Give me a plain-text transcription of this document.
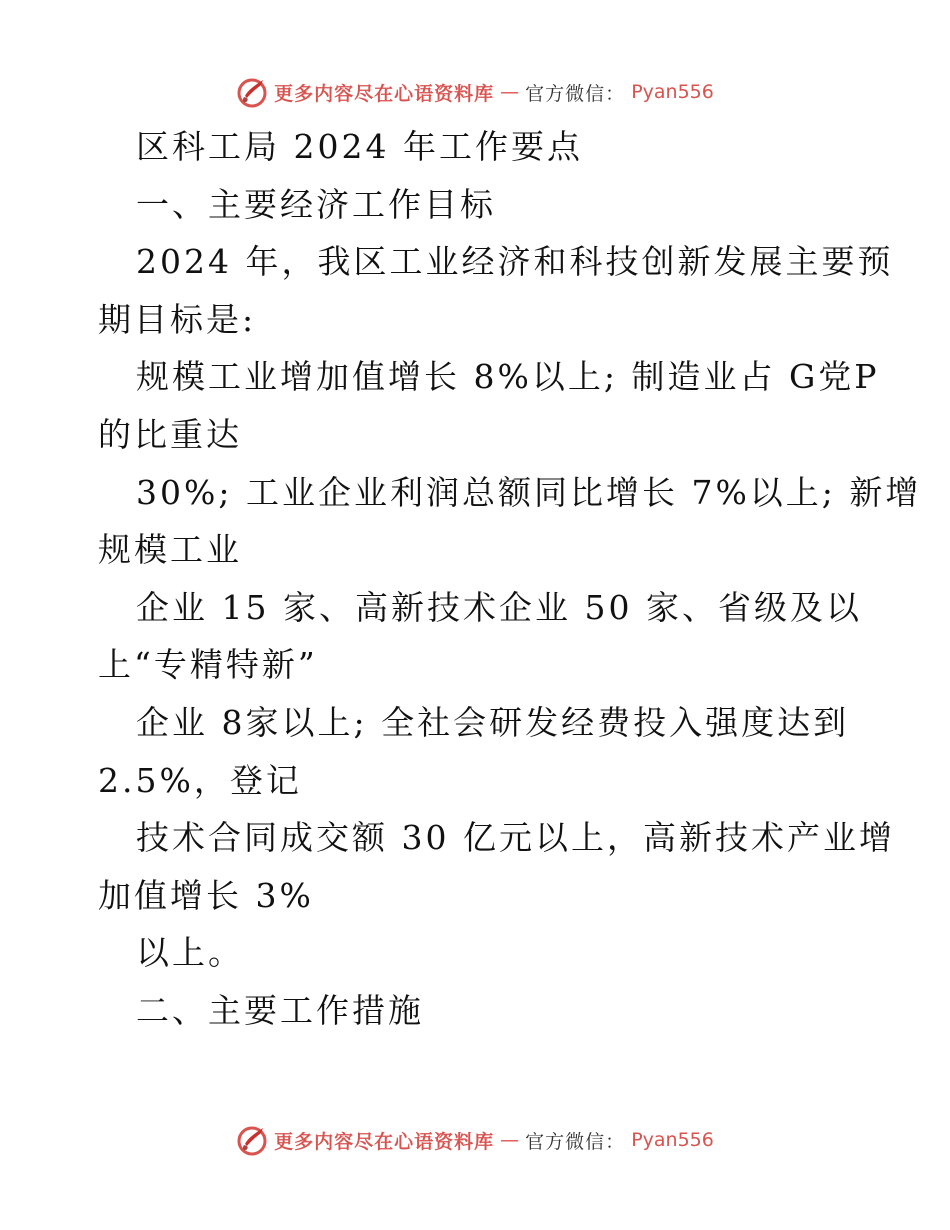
更多内容尽在心语资料库 — 官方微信： Pyan556
区科工局 2024 年工作要点
一、主要经济工作目标
2024 年，我区工业经济和科技创新发展主要预
期目标是:
规模工业增加值增长 8%以上; 制造业占 G党P
的比重达
30%; 工业企业利润总额同比增长 7%以上; 新增
规模工业
企业 15 家、高新技术企业 50 家、省级及以
上“专精特新”
企业 8家以上; 全社会研发经费投入强度达到
2.5%，登记
技术合同成交额 30 亿元以上，高新技术产业增
加值增长 3%
以上。
二、主要工作措施
更多内容尽在心语资料库 — 官方微信： Pyan556
